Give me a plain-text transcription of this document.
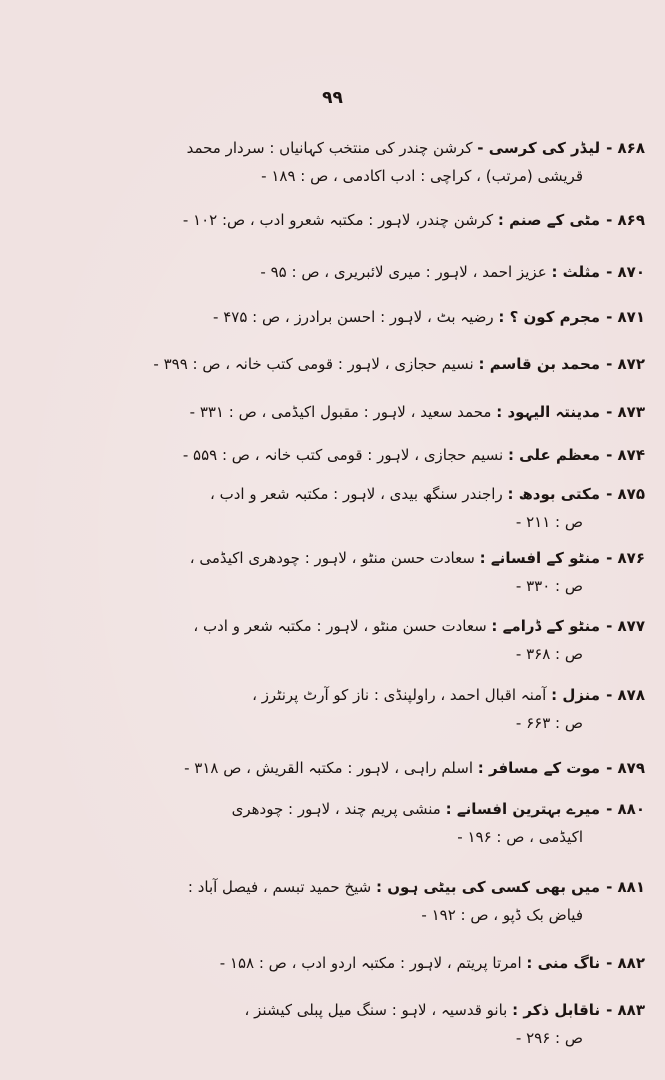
۹۹
۸۶۸ -لیڈر کی کرسی - کرشن چندر کی منتخب کہانیاں : سردار محمد
قریشی (مرتب) ، کراچی : ادب اکادمی ، ص : ۱۸۹ -
۸۶۹ -مٹی کے صنم : کرشن چندر، لاہور : مکتبہ شعرو ادب ، ص: ۱۰۲ -
۸۷۰ -مثلث : عزیز احمد ، لاہور : میری لائبریری ، ص : ۹۵ -
۸۷۱ -مجرم کون ؟ : رضیہ بٹ ، لاہور : احسن برادرز ، ص : ۴۷۵ -
۸۷۲ -محمد بن قاسم : نسیم حجازی ، لاہور : قومی کتب خانہ ، ص : ۳۹۹ -
۸۷۳ -مدینتہ الیہود : محمد سعید ، لاہور : مقبول اکیڈمی ، ص : ۳۳۱ -
۸۷۴ -معظم علی : نسیم حجازی ، لاہور : قومی کتب خانہ ، ص : ۵۵۹ -
۸۷۵ -مکتی بودھ : راجندر سنگھ بیدی ، لاہور : مکتبہ شعر و ادب ،
ص : ۲۱۱ -
۸۷۶ -منٹو کے افسانے : سعادت حسن منٹو ، لاہور : چودھری اکیڈمی ،
ص : ۳۳۰ -
۸۷۷ -منٹو کے ڈرامے : سعادت حسن منٹو ، لاہور : مکتبہ شعر و ادب ،
ص : ۳۶۸ -
۸۷۸ -منزل : آمنہ اقبال احمد ، راولپنڈی : ناز کو آرٹ پرنٹرز ،
ص : ۶۶۳ -
۸۷۹ -موت کے مسافر : اسلم راہی ، لاہور : مکتبہ القریش ، ص ۳۱۸ -
۸۸۰ -میرے بہترین افسانے : منشی پریم چند ، لاہور : چودھری
اکیڈمی ، ص : ۱۹۶ -
۸۸۱ -میں بھی کسی کی بیٹی ہوں : شیخ حمید تبسم ، فیصل آباد :
فیاض بک ڈپو ، ص : ۱۹۲ -
۸۸۲ -ناگ منی : امرتا پریتم ، لاہور : مکتبہ اردو ادب ، ص : ۱۵۸ -
۸۸۳ -ناقابل ذکر : بانو قدسیہ ، لاہو : سنگ میل پبلی کیشنز ،
ص : ۲۹۶ -
